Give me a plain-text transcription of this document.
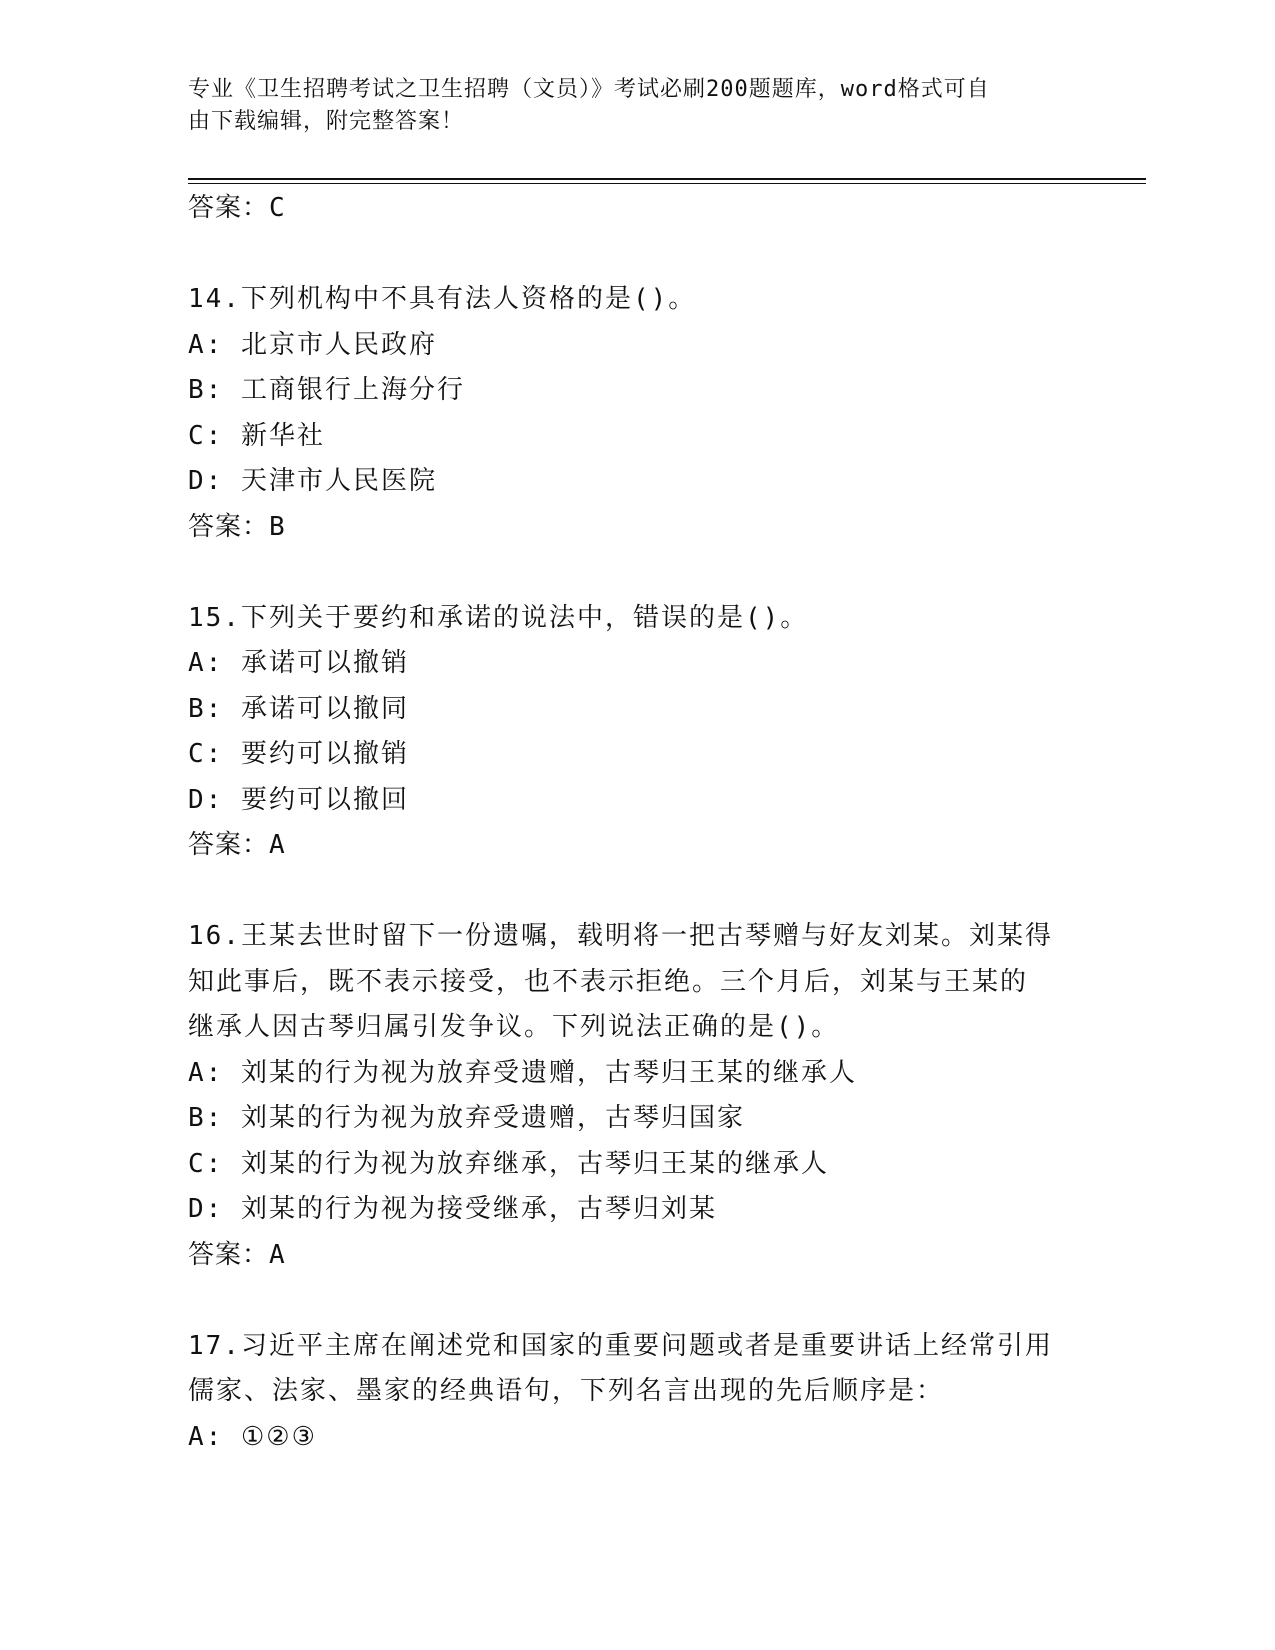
专业《卫生招聘考试之卫生招聘（文员）》考试必刷200题题库，word格式可自
由下载编辑，附完整答案！
答案：C
14.下列机构中不具有法人资格的是()。
A: 北京市人民政府
B: 工商银行上海分行
C: 新华社
D: 天津市人民医院
答案：B
15.下列关于要约和承诺的说法中，错误的是()。
A: 承诺可以撤销
B: 承诺可以撤同
C: 要约可以撤销
D: 要约可以撤回
答案：A
16.王某去世时留下一份遗嘱，载明将一把古琴赠与好友刘某。刘某得
知此事后，既不表示接受，也不表示拒绝。三个月后，刘某与王某的
继承人因古琴归属引发争议。下列说法正确的是()。
A: 刘某的行为视为放弃受遗赠，古琴归王某的继承人
B: 刘某的行为视为放弃受遗赠，古琴归国家
C: 刘某的行为视为放弃继承，古琴归王某的继承人
D: 刘某的行为视为接受继承，古琴归刘某
答案：A
17.习近平主席在阐述党和国家的重要问题或者是重要讲话上经常引用
儒家、法家、墨家的经典语句，下列名言出现的先后顺序是：
A: ①②③
